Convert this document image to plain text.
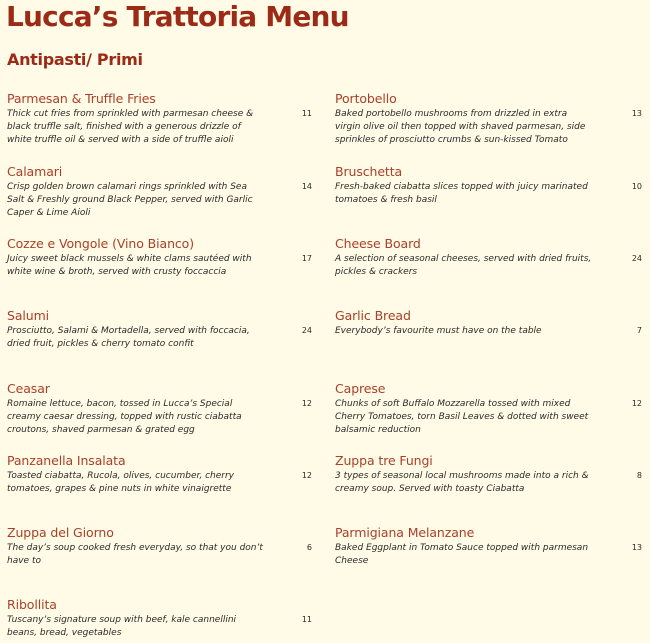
Lucca’s Trattoria Menu
Antipasti/ Primi
Parmesan & Truffle Fries
Thick cut fries from sprinkled with parmesan cheese & black truffle salt, finished with a generous drizzle of white truffle oil & served with a side of truffle aioli
11
Calamari
Crisp golden brown calamari rings sprinkled with Sea Salt & Freshly ground Black Pepper, served with Garlic Caper & Lime Aioli
14
Cozze e Vongole (Vino Bianco)
Juicy sweet black mussels & white clams sautéed with white wine & broth, served with crusty foccaccia
17
Salumi
Prosciutto, Salami & Mortadella, served with foccacia, dried fruit, pickles & cherry tomato confit
24
Ceasar
Romaine lettuce, bacon, tossed in Lucca’s Special creamy caesar dressing, topped with rustic ciabatta croutons, shaved parmesan & grated egg
12
Panzanella Insalata
Toasted ciabatta, Rucola, olives, cucumber, cherry tomatoes, grapes & pine nuts in white vinaigrette
12
Zuppa del Giorno
The day’s soup cooked fresh everyday, so that you don’t have to
6
Ribollita
Tuscany’s signature soup with beef, kale cannellini beans, bread, vegetables
11
Portobello
Baked portobello mushrooms from drizzled in extra virgin olive oil then topped with shaved parmesan, side sprinkles of prosciutto crumbs & sun-kissed Tomato
13
Bruschetta
Fresh-baked ciabatta slices topped with juicy marinated tomatoes & fresh basil
10
Cheese Board
A selection of seasonal cheeses, served with dried fruits, pickles & crackers
24
Garlic Bread
Everybody’s favourite must have on the table	7
Caprese
Chunks of soft Buffalo Mozzarella tossed with mixed Cherry Tomatoes, torn Basil Leaves & dotted with sweet balsamic reduction
12
Zuppa tre Fungi
3 types of seasonal local mushrooms made into a rich & creamy soup. Served with toasty Ciabatta
8
Parmigiana Melanzane
Baked Eggplant in Tomato Sauce topped with parmesan Cheese
13
